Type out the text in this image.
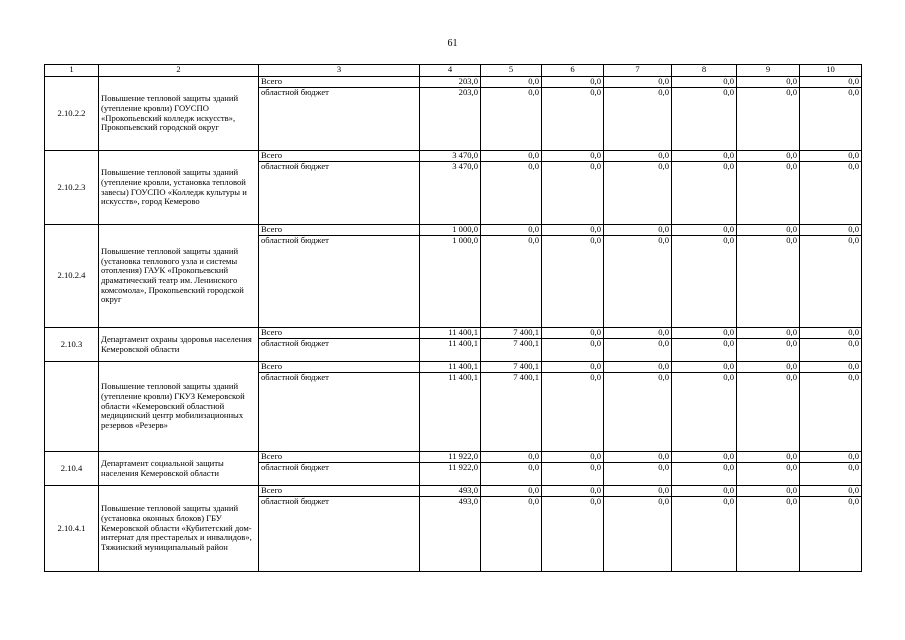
61
1	2	3	4	5	6	7	8	9	10
2.10.2.2	Повышение тепловой защиты зданий (утепление кровли) ГОУСПО «Прокопьевский колледж искусств», Прокопьевский городской округ	Всего	203,0	0,0	0,0	0,0	0,0	0,0	0,0
		областной бюджет	203,0	0,0	0,0	0,0	0,0	0,0	0,0
2.10.2.3	Повышение тепловой защиты зданий (утепление кровли, установка тепловой завесы) ГОУСПО «Колледж культуры и искусств», город Кемерово	Всего	3 470,0	0,0	0,0	0,0	0,0	0,0	0,0
		областной бюджет	3 470,0	0,0	0,0	0,0	0,0	0,0	0,0
2.10.2.4	Повышение тепловой защиты зданий (установка теплового узла и системы отопления) ГАУК «Прокопьевский драматический театр им. Ленинского комсомола», Прокопьевский городской округ	Всего	1 000,0	0,0	0,0	0,0	0,0	0,0	0,0
		областной бюджет	1 000,0	0,0	0,0	0,0	0,0	0,0	0,0
2.10.3	Департамент охраны здоровья населения Кемеровской области	Всего	11 400,1	7 400,1	0,0	0,0	0,0	0,0	0,0
		областной бюджет	11 400,1	7 400,1	0,0	0,0	0,0	0,0	0,0
	Повышение тепловой защиты зданий (утепление кровли) ГКУЗ Кемеровской области «Кемеровский областной медицинский центр мобилизационных резервов «Резерв»	Всего	11 400,1	7 400,1	0,0	0,0	0,0	0,0	0,0
		областной бюджет	11 400,1	7 400,1	0,0	0,0	0,0	0,0	0,0
2.10.4	Департамент социальной защиты населения Кемеровской области	Всего	11 922,0	0,0	0,0	0,0	0,0	0,0	0,0
		областной бюджет	11 922,0	0,0	0,0	0,0	0,0	0,0	0,0
2.10.4.1	Повышение тепловой защиты зданий (установка оконных блоков) ГБУ Кемеровской области «Кубитетский дом-интернат для престарелых и инвалидов», Тяжинский муниципальный район	Всего	493,0	0,0	0,0	0,0	0,0	0,0	0,0
		областной бюджет	493,0	0,0	0,0	0,0	0,0	0,0	0,0
